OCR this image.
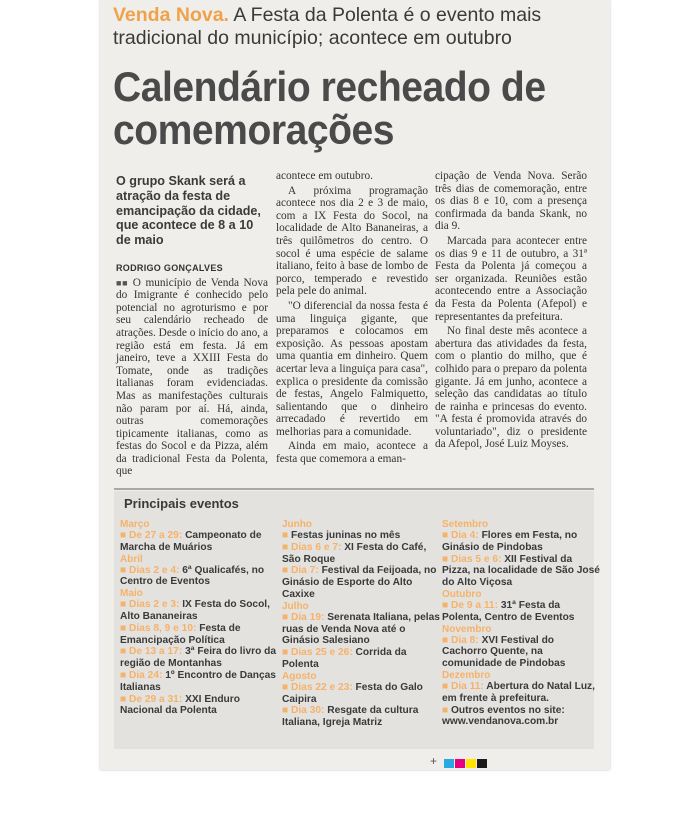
Venda Nova. A Festa da Polenta é o evento mais tradicional do município; acontece em outubro
Calendário recheado de comemorações
O grupo Skank será a atração da festa de emancipação da cidade, que acontece de 8 a 10 de maio
RODRIGO GONÇALVES

■■ O município de Venda Nova do Imigrante é conhecido pelo potencial no agroturismo e por seu calendário recheado de atrações. Desde o início do ano, a região está em festa. Já em janeiro, teve a XXIII Festa do Tomate, onde as tradições italianas foram evidenciadas. Mas as manifestações culturais não param por aí. Há, ainda, outras comemorações tipicamente italianas, como as festas do Socol e da Pizza, além da tradicional Festa da Polenta, que

acontece em outubro.

A próxima programação acontece nos dia 2 e 3 de maio, com a IX Festa do Socol, na localidade de Alto Bananeiras, a três quilômetros do centro. O socol é uma espécie de salame italiano, feito à base de lombo de porco, temperado e revestido pela pele do animal.

"O diferencial da nossa festa é uma linguiça gigante, que preparamos e colocamos em exposição. As pessoas apostam uma quantia em dinheiro. Quem acertar leva a linguiça para casa", explica o presidente da comissão de festas, Angelo Falmiquetto, salientando que o dinheiro arrecadado é revertido em melhorias para a comunidade.

Ainda em maio, acontece a festa que comemora a eman-

cipação de Venda Nova. Serão três dias de comemoração, entre os dias 8 e 10, com a presença confirmada da banda Skank, no dia 9.

Marcada para acontecer entre os dias 9 e 11 de outubro, a 31ª Festa da Polenta já começou a ser organizada. Reuniões estão acontecendo entre a Associação da Festa da Polenta (Afepol) e representantes da prefeitura.

No final deste mês acontece a abertura das atividades da festa, com o plantio do milho, que é colhido para o preparo da polenta gigante. Já em junho, acontece a seleção das candidatas ao título de rainha e princesas do evento. "A festa é promovida através do voluntariado", diz o presidente da Afepol, José Luiz Moyses.

Principais eventos
Março
■ De 27 a 29: Campeonato de Marcha de Muários
Abril
■ Dias 2 e 4: 6ª Qualicafés, no Centro de Eventos
Maio
■ Dias 2 e 3: IX Festa do Socol, Alto Bananeiras
■ Dias 8, 9 e 10: Festa de Emancipação Política
■ De 13 a 17: 3ª Feira do livro da região de Montanhas
■ Dia 24: 1º Encontro de Danças Italianas
■ De 29 a 31: XXI Enduro Nacional da Polenta
Junho
■ Festas juninas no mês
■ Dias 6 e 7: XI Festa do Café, São Roque
■ Dia 7: Festival da Feijoada, no Ginásio de Esporte do Alto Caxixe
Julho
■ Dia 19: Serenata Italiana, pelas ruas de Venda Nova até o Ginásio Salesiano
■ Dias 25 e 26: Corrida da Polenta
Agosto
■ Dias 22 e 23: Festa do Galo Caipira
■ Dia 30: Resgate da cultura Italiana, Igreja Matriz
Setembro
■ Dia 4: Flores em Festa, no Ginásio de Pindobas
■ Dias 5 e 6: XII Festival da Pizza, na localidade de São José do Alto Viçosa
Outubro
■ De 9 a 11: 31ª Festa da Polenta, Centro de Eventos
Novembro
■ Dia 8: XVI Festival do Cachorro Quente, na comunidade de Pindobas
Dezembro
■ Dia 11: Abertura do Natal Luz, em frente à prefeitura.
■ Outros eventos no site: www.vendanova.com.br
+
